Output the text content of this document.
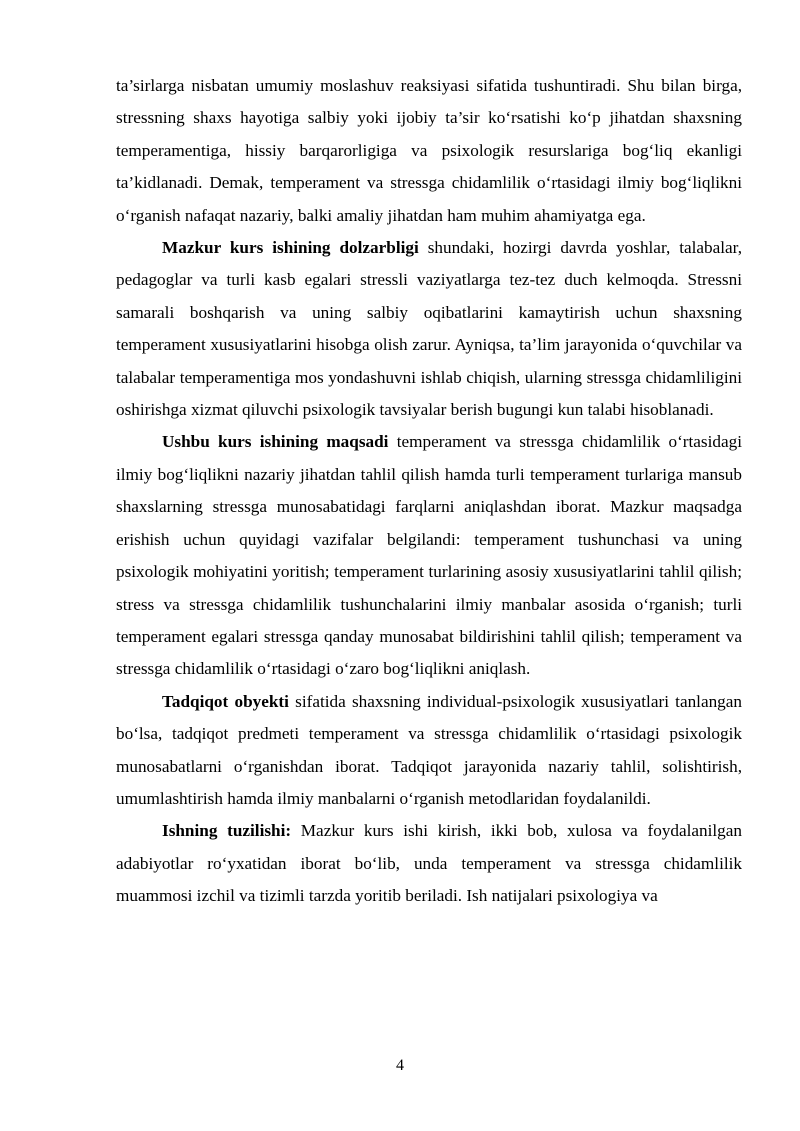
ta’sirlarga nisbatan umumiy moslashuv reaksiyasi sifatida tushuntiradi. Shu bilan birga, stressning shaxs hayotiga salbiy yoki ijobiy ta’sir ko‘rsatishi ko‘p jihatdan shaxsning temperamentiga, hissiy barqarorligiga va psixologik resurslariga bog‘liq ekanligi ta’kidlanadi. Demak, temperament va stressga chidamlilik o‘rtasidagi ilmiy bog‘liqlikni o‘rganish nafaqat nazariy, balki amaliy jihatdan ham muhim ahamiyatga ega.

Mazkur kurs ishining dolzarbligi shundaki, hozirgi davrda yoshlar, talabalar, pedagoglar va turli kasb egalari stressli vaziyatlarga tez-tez duch kelmoqda. Stressni samarali boshqarish va uning salbiy oqibatlarini kamaytirish uchun shaxsning temperament xususiyatlarini hisobga olish zarur. Ayniqsa, ta’lim jarayonida o‘quvchilar va talabalar temperamentiga mos yondashuvni ishlab chiqish, ularning stressga chidamliligini oshirishga xizmat qiluvchi psixologik tavsiyalar berish bugungi kun talabi hisoblanadi.

Ushbu kurs ishining maqsadi temperament va stressga chidamlilik o‘rtasidagi ilmiy bog‘liqlikni nazariy jihatdan tahlil qilish hamda turli temperament turlariga mansub shaxslarning stressga munosabatidagi farqlarni aniqlashdan iborat. Mazkur maqsadga erishish uchun quyidagi vazifalar belgilandi: temperament tushunchasi va uning psixologik mohiyatini yoritish; temperament turlarining asosiy xususiyatlarini tahlil qilish; stress va stressga chidamlilik tushunchalarini ilmiy manbalar asosida o‘rganish; turli temperament egalari stressga qanday munosabat bildirishini tahlil qilish; temperament va stressga chidamlilik o‘rtasidagi o‘zaro bog‘liqlikni aniqlash.

Tadqiqot obyekti sifatida shaxsning individual-psixologik xususiyatlari tanlangan bo‘lsa, tadqiqot predmeti temperament va stressga chidamlilik o‘rtasidagi psixologik munosabatlarni o‘rganishdan iborat. Tadqiqot jarayonida nazariy tahlil, solishtirish, umumlashtirish hamda ilmiy manbalarni o‘rganish metodlaridan foydalanildi.

Ishning tuzilishi: Mazkur kurs ishi kirish, ikki bob, xulosa va foydalanilgan adabiyotlar ro‘yxatidan iborat bo‘lib, unda temperament va stressga chidamlilik muammosi izchil va tizimli tarzda yoritib beriladi. Ish natijalari psixologiya va

4
